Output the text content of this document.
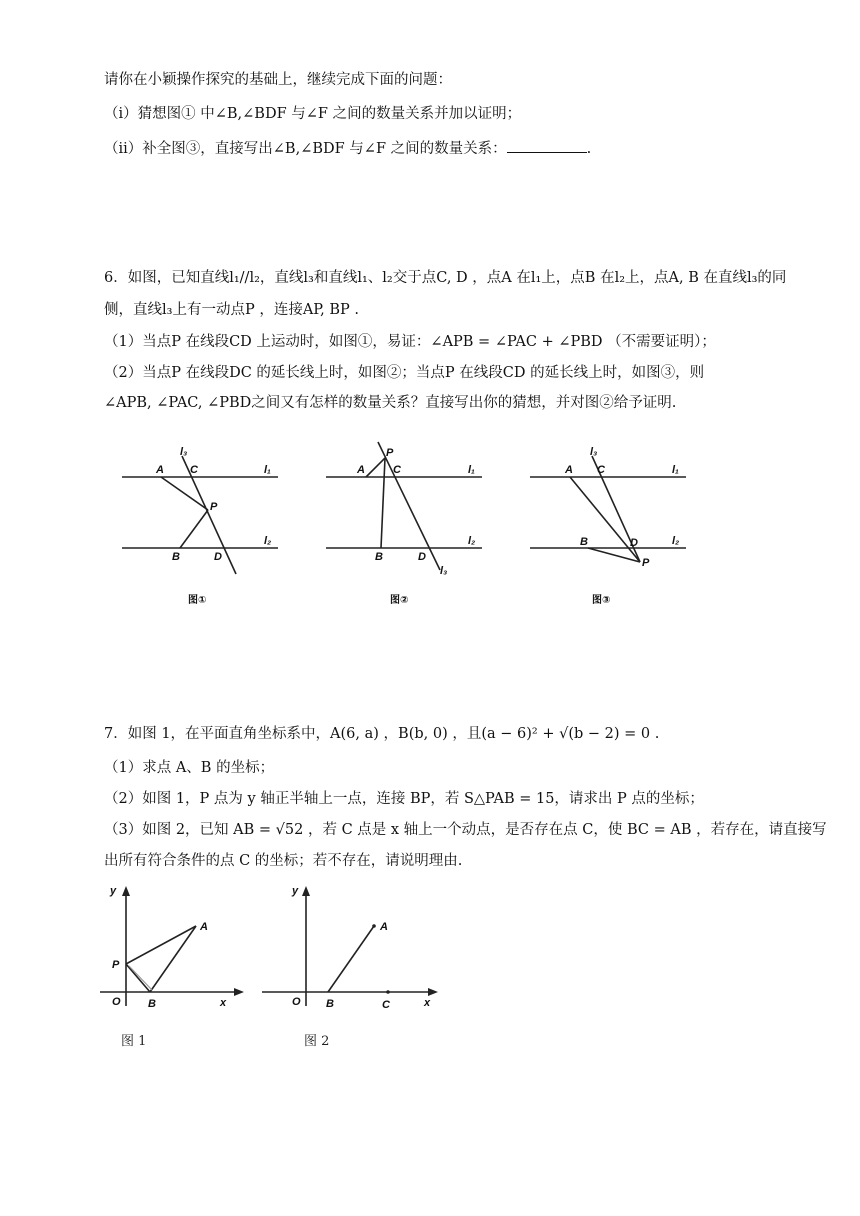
请你在小颖操作探究的基础上，继续完成下面的问题：
（i）猜想图① 中∠B,∠BDF 与∠F 之间的数量关系并加以证明；
（ii）补全图③，直接写出∠B,∠BDF 与∠F 之间的数量关系：	.
6．如图，已知直线l₁//l₂，直线l₃和直线l₁、l₂交于点C, D ，点A 在l₁上，点B 在l₂上，点A, B 在直线l₃的同
侧，直线l₃上有一动点P ，连接AP, BP .
（1）当点P 在线段CD 上运动时，如图①，易证：∠APB = ∠PAC + ∠PBD （不需要证明）；
（2）当点P 在线段DC 的延长线上时，如图②；当点P 在线段CD 的延长线上时，如图③，则
∠APB, ∠PAC, ∠PBD之间又有怎样的数量关系？直接写出你的猜想，并对图②给予证明.
l₃
A C	l₁
P
l₂
B	D
图①
P
A	C	l₁
l₂
B	D
l₃
图②
l₃
A C	l₁
B	D	l₂
P
图③
7．如图 1，在平面直角坐标系中，A(6, a) ，B(b, 0) ，且(a − 6)² + √(b − 2) = 0 .
（1）求点 A、B 的坐标；
（2）如图 1，P 点为 y 轴正半轴上一点，连接 BP，若 S△PAB = 15，请求出 P 点的坐标；
（3）如图 2，已知 AB = √52 ，若 C 点是 x 轴上一个动点，是否存在点 C，使 BC = AB ，若存在，请直接写
出所有符合条件的点 C 的坐标；若不存在，请说明理由.
y
P
A
O B	x
图 1
y
A
O B	C	x
图 2
